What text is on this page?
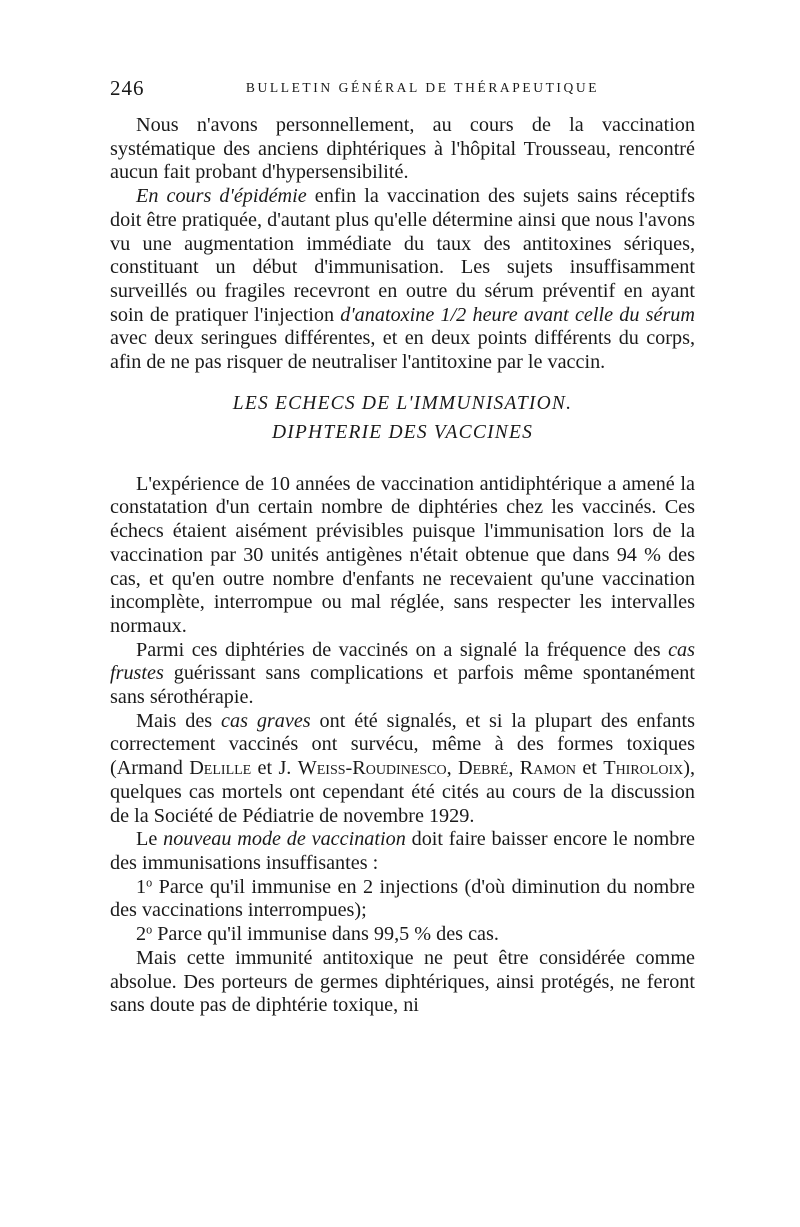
246	BULLETIN GÉNÉRAL DE THÉRAPEUTIQUE

Nous n'avons personnellement, au cours de la vaccination systématique des anciens diphtériques à l'hôpital Trousseau, rencontré aucun fait probant d'hypersensibilité.

En cours d'épidémie enfin la vaccination des sujets sains réceptifs doit être pratiquée, d'autant plus qu'elle détermine ainsi que nous l'avons vu une augmentation immédiate du taux des antitoxines sériques, constituant un début d'immunisation. Les sujets insuffisamment surveillés ou fragiles recevront en outre du sérum préventif en ayant soin de pratiquer l'injection d'anatoxine 1/2 heure avant celle du sérum avec deux seringues différentes, et en deux points différents du corps, afin de ne pas risquer de neutraliser l'antitoxine par le vaccin.

LES ECHECS DE L'IMMUNISATION.
DIPHTERIE DES VACCINES

L'expérience de 10 années de vaccination antidiphtérique a amené la constatation d'un certain nombre de diphtéries chez les vaccinés. Ces échecs étaient aisément prévisibles puisque l'immunisation lors de la vaccination par 30 unités antigènes n'était obtenue que dans 94 % des cas, et qu'en outre nombre d'enfants ne recevaient qu'une vaccination incomplète, interrompue ou mal réglée, sans respecter les intervalles normaux.

Parmi ces diphtéries de vaccinés on a signalé la fréquence des cas frustes guérissant sans complications et parfois même spontanément sans sérothérapie.

Mais des cas graves ont été signalés, et si la plupart des enfants correctement vaccinés ont survécu, même à des formes toxiques (Armand Delille et J. Weiss-Roudinesco, Debré, Ramon et Thiroloix), quelques cas mortels ont cependant été cités au cours de la discussion de la Société de Pédiatrie de novembre 1929.

Le nouveau mode de vaccination doit faire baisser encore le nombre des immunisations insuffisantes :

1$^o$ Parce qu'il immunise en 2 injections (d'où diminution du nombre des vaccinations interrompues);

2$^o$ Parce qu'il immunise dans 99,5 % des cas.

Mais cette immunité antitoxique ne peut être considérée comme absolue. Des porteurs de germes diphtériques, ainsi protégés, ne feront sans doute pas de diphtérie toxique, ni
